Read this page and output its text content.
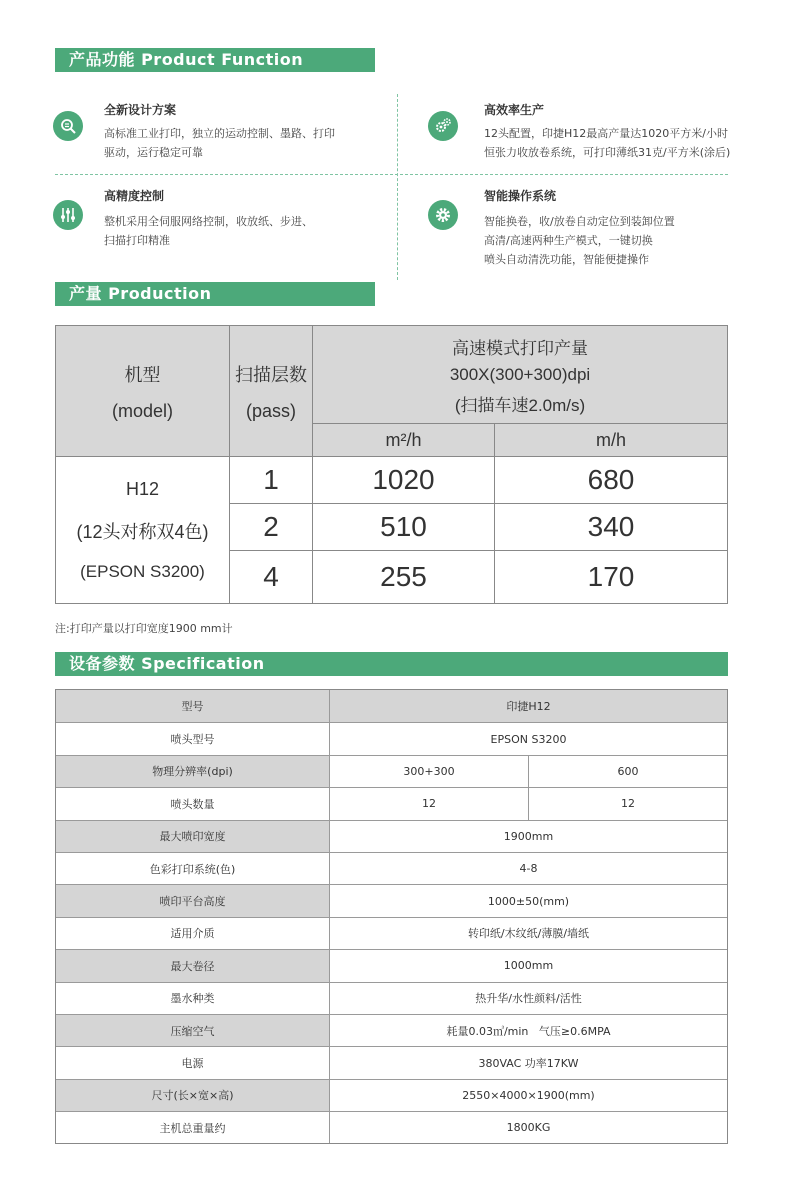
产品功能 Product Function
全新设计方案
高标准工业打印，独立的运动控制、墨路、打印
驱动，运行稳定可靠
高效率生产
12头配置，印捷H12最高产量达1020平方米/小时
恒张力收放卷系统，可打印薄纸31克/平方米(涂后)
高精度控制
整机采用全伺服网络控制，收放纸、步进、
扫描打印精准
智能操作系统
智能换卷，收/放卷自动定位到装卸位置
高清/高速两种生产模式，一键切换
喷头自动清洗功能，智能便捷操作
产量 Production
机型
(model)
扫描层数
(pass)
高速模式打印产量
300X(300+300)dpi
(扫描车速2.0m/s)
m²/h	m/h
H12
(12头对称双4色)
(EPSON S3200)
1	1020	680
2	510	340
4	255	170
注:打印产量以打印宽度1900 mm计
设备参数 Specification
型号	印捷H12
喷头型号	EPSON S3200
物理分辨率(dpi)	300+300	600
喷头数量	12	12
最大喷印宽度	1900mm
色彩打印系统(色)	4-8
喷印平台高度	1000±50(mm)
适用介质	转印纸/木纹纸/薄膜/墙纸
最大卷径	1000mm
墨水种类	热升华/水性颜料/活性
压缩空气	耗量0.03㎥/min   气压≥0.6MPA
电源	380VAC 功率17KW
尺寸(长×宽×高)	2550×4000×1900(mm)
主机总重量约	1800KG
